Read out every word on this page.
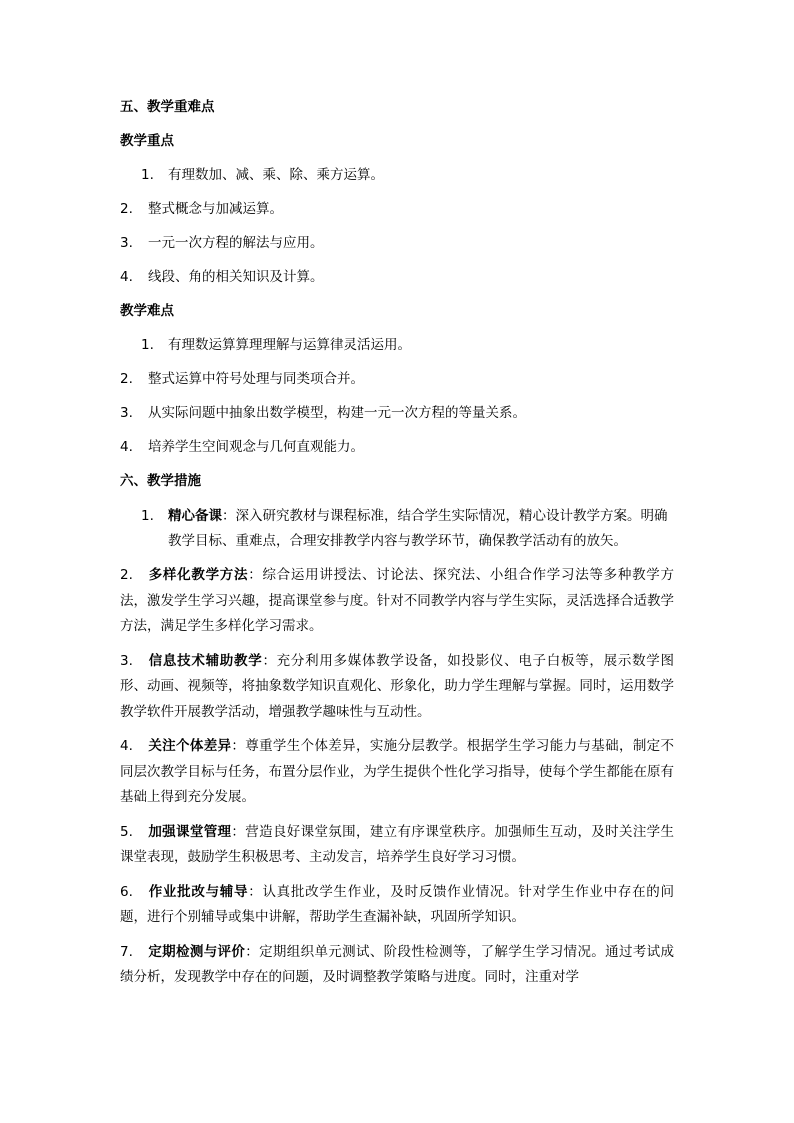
五、教学重难点
教学重点
1. 有理数加、减、乘、除、乘方运算。
2. 整式概念与加减运算。
3. 一元一次方程的解法与应用。
4. 线段、角的相关知识及计算。
教学难点
1. 有理数运算算理理解与运算律灵活运用。
2. 整式运算中符号处理与同类项合并。
3. 从实际问题中抽象出数学模型，构建一元一次方程的等量关系。
4. 培养学生空间观念与几何直观能力。
六、教学措施
1.	精心备课：深入研究教材与课程标准，结合学生实际情况，精心设计教学方案。明确教学目标、重难点，合理安排教学内容与教学环节，确保教学活动有的放矢。
2. 多样化教学方法：综合运用讲授法、讨论法、探究法、小组合作学习法等多种教学方法，激发学生学习兴趣，提高课堂参与度。针对不同教学内容与学生实际，灵活选择合适教学方法，满足学生多样化学习需求。
3. 信息技术辅助教学：充分利用多媒体教学设备，如投影仪、电子白板等，展示数学图形、动画、视频等，将抽象数学知识直观化、形象化，助力学生理解与掌握。同时，运用数学教学软件开展教学活动，增强教学趣味性与互动性。
4. 关注个体差异：尊重学生个体差异，实施分层教学。根据学生学习能力与基础，制定不同层次教学目标与任务，布置分层作业，为学生提供个性化学习指导，使每个学生都能在原有基础上得到充分发展。
5. 加强课堂管理：营造良好课堂氛围，建立有序课堂秩序。加强师生互动，及时关注学生课堂表现，鼓励学生积极思考、主动发言，培养学生良好学习习惯。
6. 作业批改与辅导：认真批改学生作业，及时反馈作业情况。针对学生作业中存在的问题，进行个别辅导或集中讲解，帮助学生查漏补缺，巩固所学知识。
7. 定期检测与评价：定期组织单元测试、阶段性检测等，了解学生学习情况。通过考试成绩分析，发现教学中存在的问题，及时调整教学策略与进度。同时，注重对学
